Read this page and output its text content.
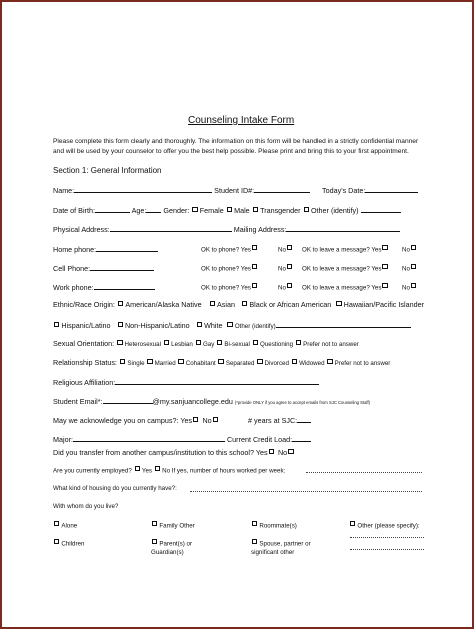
Counseling Intake Form
Please complete this form clearly and thoroughly. The information on this form will be handled in a strictly confidential manner and will be used by your counselor to offer you the best help possible. Please print and bring this to your first appointment.
Section 1: General Information
Name:	Student ID#:	Today's Date:
Date of Birth:	Age: Gender: Female Male Transgender Other (identify)
Physical Address:	Mailing Address:
Home phone:	OK to phone? Yes	No	OK to leave a message? Yes	No
Cell Phone:	OK to phone? Yes	No	OK to leave a message? Yes	No
Work phone:	OK to phone? Yes	No	OK to leave a message? Yes	No
Ethnic/Race Origin: American/Alaska Native Asian Black or African American Hawaiian/Pacific Islander
Hispanic/Latino Non-Hispanic/Latino White Other (identify)
Sexual Orientation: Heterosexual Lesbian Gay Bi-sexual Questioning Prefer not to answer
Relationship Status: Single Married Cohabitant Separated Divorced Widowed Prefer not to answer
Religious Affiliation:
Student Email*:	@my.sanjuancollege.edu (*provide ONLY if you agree to accept emails from SJC Counseling Staff)
May we acknowledge you on campus?: Yes No	# years at SJC:
Major:	Current Credit Load:
Did you transfer from another campus/institution to this school? Yes No
Are you currently employed? Yes No If yes, number of hours worked per week:
What kind of housing do you currently have?:
With whom do you live?
Alone	Family Other	Roommate(s)	Other (please specify):
Children	Parent(s) or
Guardian(s)
Spouse, partner or
significant other
